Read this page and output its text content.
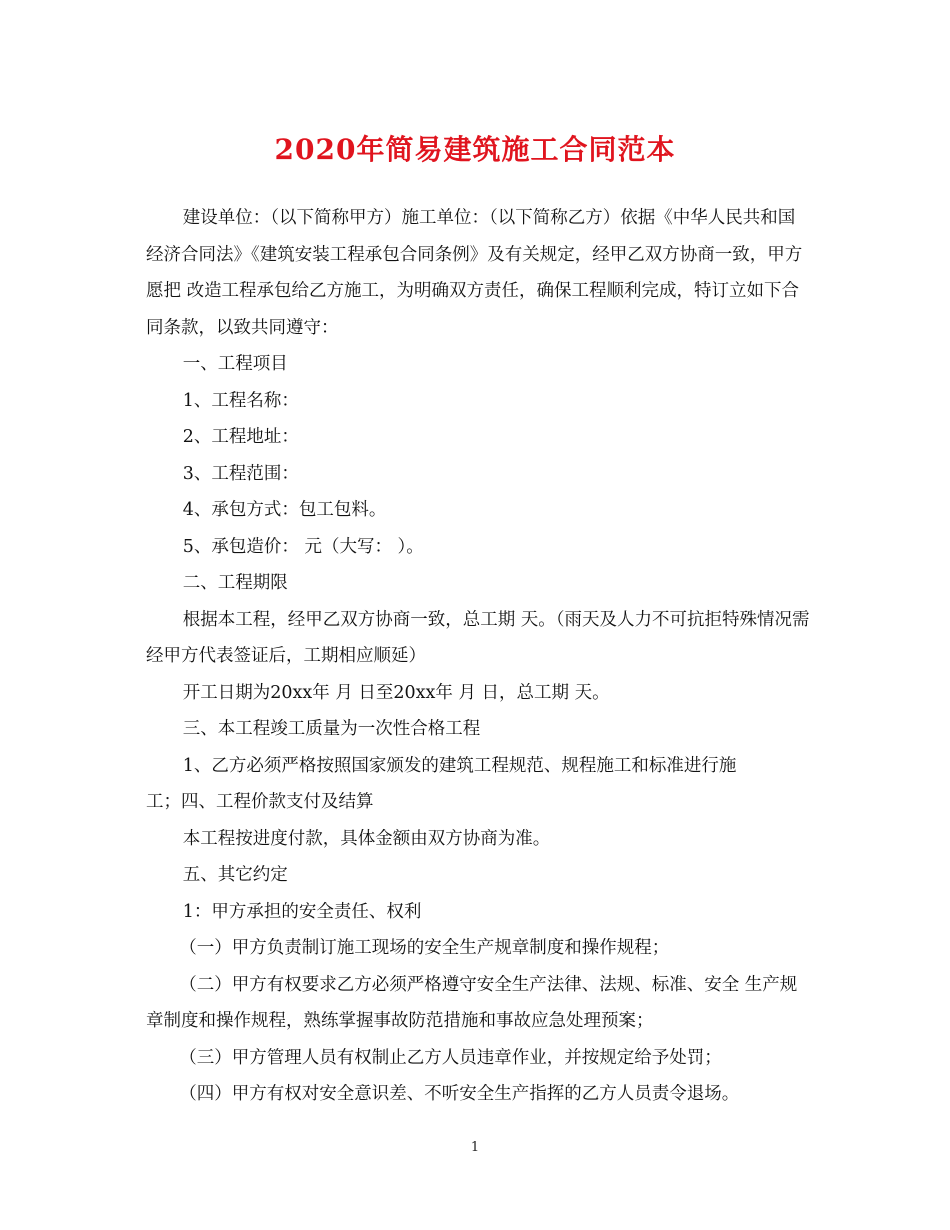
2020年简易建筑施工合同范本

建设单位：（以下简称甲方）施工单位：（以下简称乙方）依据《中华人民共和国经济合同法》《建筑安装工程承包合同条例》及有关规定，经甲乙双方协商一致，甲方愿把 改造工程承包给乙方施工，为明确双方责任，确保工程顺利完成，特订立如下合同条款，以致共同遵守：

一、工程项目

1、工程名称：

2、工程地址：

3、工程范围：

4、承包方式：包工包料。

5、承包造价： 元（大写： ）。

二、工程期限

根据本工程，经甲乙双方协商一致，总工期 天。（雨天及人力不可抗拒特殊情况需经甲方代表签证后，工期相应顺延）

开工日期为20xx年 月 日至20xx年 月 日，总工期 天。

三、本工程竣工质量为一次性合格工程

1、乙方必须严格按照国家颁发的建筑工程规范、规程施工和标准进行施

工；四、工程价款支付及结算

本工程按进度付款，具体金额由双方协商为准。

五、其它约定

1：甲方承担的安全责任、权利

（一）甲方负责制订施工现场的安全生产规章制度和操作规程；

（二）甲方有权要求乙方必须严格遵守安全生产法律、法规、标准、安全 生产规章制度和操作规程，熟练掌握事故防范措施和事故应急处理预案；

（三）甲方管理人员有权制止乙方人员违章作业，并按规定给予处罚；

（四）甲方有权对安全意识差、不听安全生产指挥的乙方人员责令退场。

1
